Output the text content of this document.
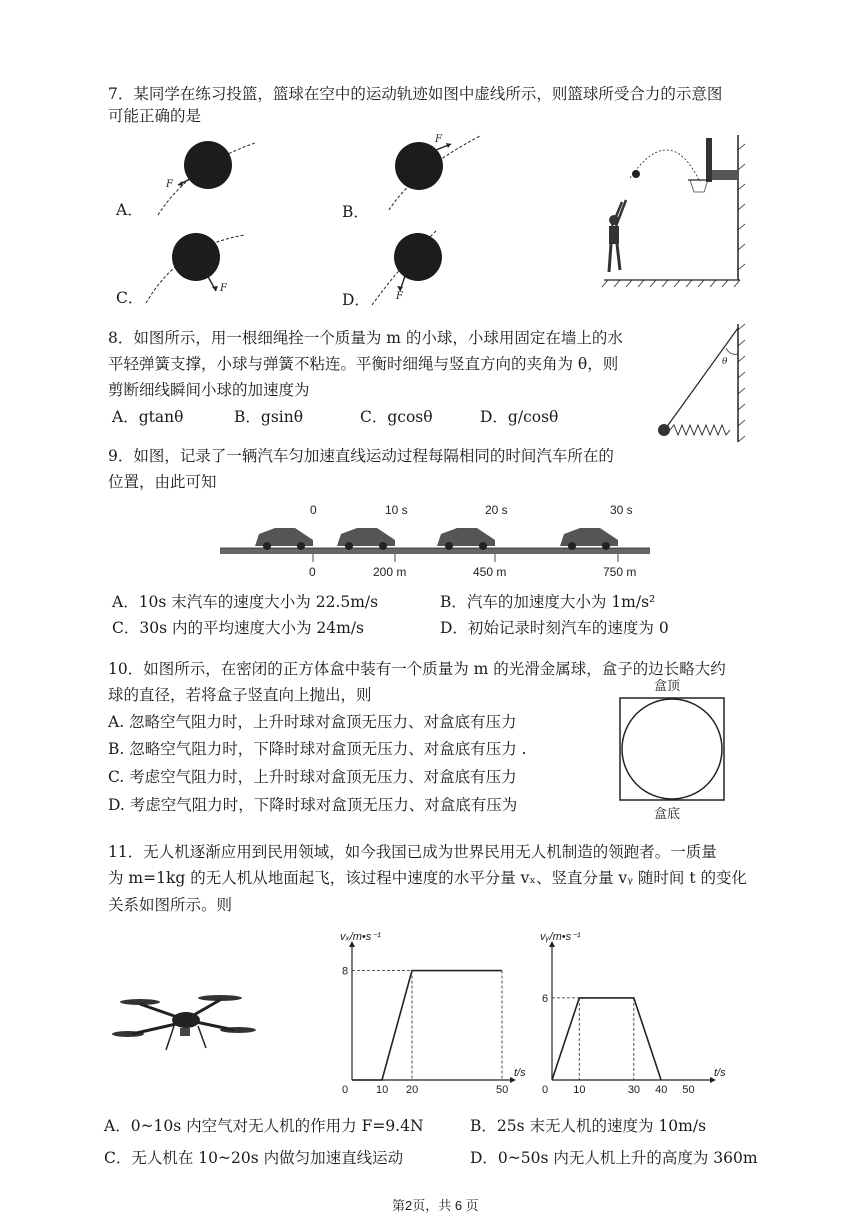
7．某同学在练习投篮，篮球在空中的运动轨迹如图中虚线所示，则篮球所受合力的示意图
可能正确的是
A．	B．
C．	D．
F
F
F
F
8．如图所示，用一根细绳拴一个质量为 m 的小球，小球用固定在墙上的水
平轻弹簧支撑，小球与弹簧不粘连。平衡时细绳与竖直方向的夹角为 θ，则
剪断细线瞬间小球的加速度为
A．gtanθ	B．gsinθ	C．gcosθ	D．g/cosθ
θ
9．如图，记录了一辆汽车匀加速直线运动过程每隔相同的时间汽车所在的
位置，由此可知
0	10 s	20 s	30 s
0	200 m	450 m	750 m
A．10s 末汽车的速度大小为 22.5m/s	B．汽车的加速度大小为 1m/s²
C．30s 内的平均速度大小为 24m/s	D．初始记录时刻汽车的速度为 0
10．如图所示，在密闭的正方体盒中装有一个质量为 m 的光滑金属球，盒子的边长略大约
球的直径，若将盒子竖直向上抛出，则
A. 忽略空气阻力时，上升时球对盒顶无压力、对盒底有压力
B. 忽略空气阻力时，下降时球对盒顶无压力、对盒底有压力 .
C. 考虑空气阻力时，上升时球对盒顶无压力、对盒底有压力
D. 考虑空气阻力时，下降时球对盒顶无压力、对盒底有压为
盒顶
盒底
11．无人机逐渐应用到民用领域，如今我国已成为世界民用无人机制造的领跑者。一质量
为 m=1kg 的无人机从地面起飞，该过程中速度的水平分量 vₓ、竖直分量 vᵧ 随时间 t 的变化
关系如图所示。则
vₓ/m•s⁻¹
t/s
8
0	10 20	50
vᵧ/m•s⁻¹
t/s
6
0 10	30 40 50
A．0~10s 内空气对无人机的作用力 F=9.4N	B．25s 末无人机的速度为 10m/s
C．无人机在 10~20s 内做匀加速直线运动	D．0~50s 内无人机上升的高度为 360m
第2页，共 6 页
